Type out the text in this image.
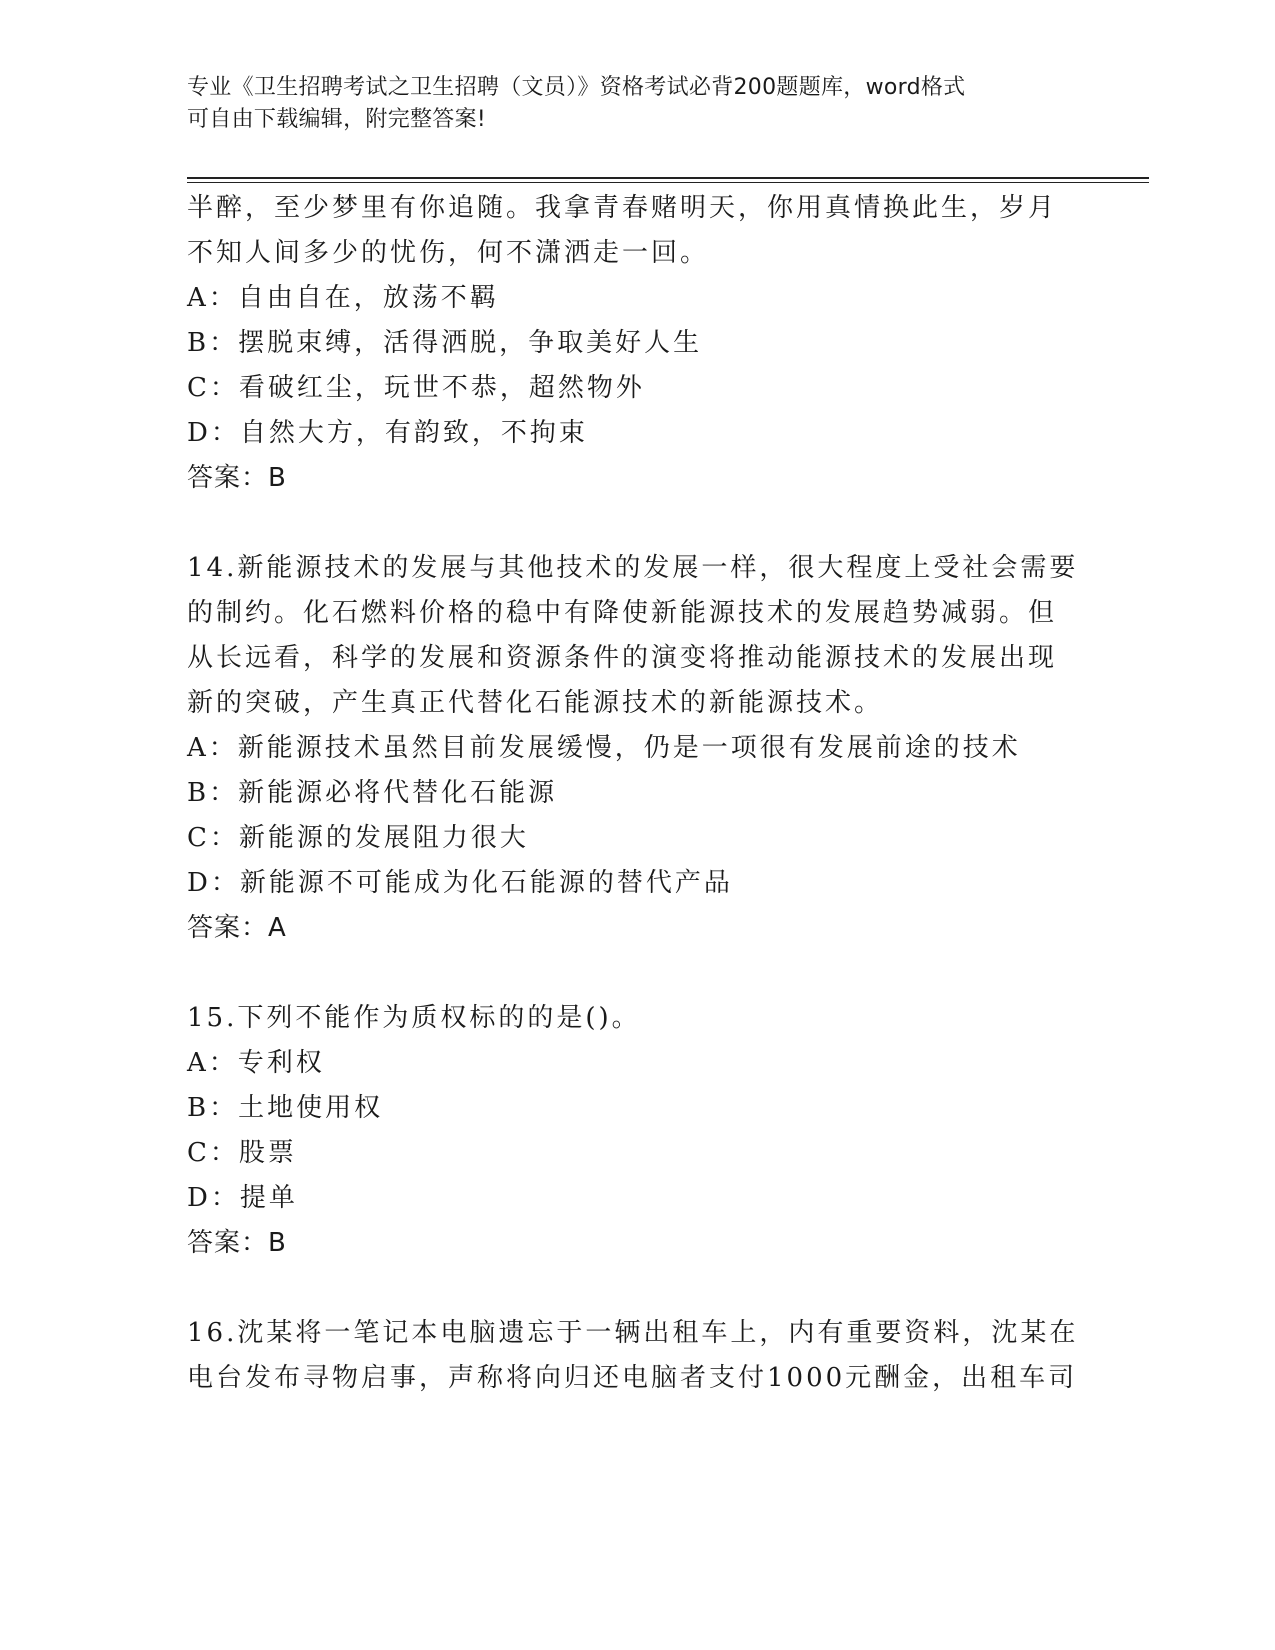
专业《卫生招聘考试之卫生招聘（文员）》资格考试必背200题题库，word格式
可自由下载编辑，附完整答案!
半醉，至少梦里有你追随。我拿青春赌明天，你用真情换此生，岁月
不知人间多少的忧伤，何不潇洒走一回。
A：自由自在，放荡不羁
B：摆脱束缚，活得洒脱，争取美好人生
C：看破红尘，玩世不恭，超然物外
D：自然大方，有韵致，不拘束
答案：B
14.新能源技术的发展与其他技术的发展一样，很大程度上受社会需要
的制约。化石燃料价格的稳中有降使新能源技术的发展趋势减弱。但
从长远看，科学的发展和资源条件的演变将推动能源技术的发展出现
新的突破，产生真正代替化石能源技术的新能源技术。
A：新能源技术虽然目前发展缓慢，仍是一项很有发展前途的技术
B：新能源必将代替化石能源
C：新能源的发展阻力很大
D：新能源不可能成为化石能源的替代产品
答案：A
15.下列不能作为质权标的的是()。
A：专利权
B：土地使用权
C：股票
D：提单
答案：B
16.沈某将一笔记本电脑遗忘于一辆出租车上，内有重要资料，沈某在
电台发布寻物启事，声称将向归还电脑者支付1000元酬金，出租车司
